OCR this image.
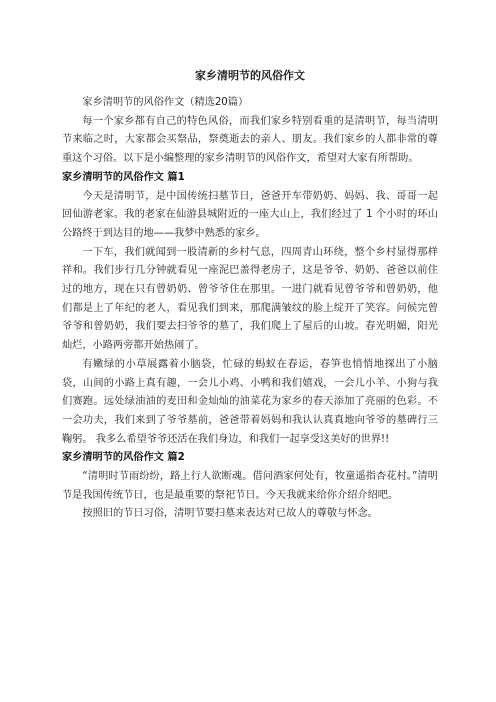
家乡清明节的风俗作文

家乡清明节的风俗作文（精选20篇）

每一个家乡都有自己的特色风俗，而我们家乡特别看重的是清明节，每当清明节来临之时，大家都会买祭品，祭奠逝去的亲人、朋友。我们家乡的人都非常的尊重这个习俗。以下是小编整理的家乡清明节的风俗作文，希望对大家有所帮助。

家乡清明节的风俗作文 篇1

今天是清明节，是中国传统扫墓节日，爸爸开车带奶奶、妈妈、我、哥哥一起回仙游老家。我的老家在仙游县城附近的一座大山上，我们经过了 1 个小时的环山公路终于到达目的地——我梦中熟悉的家乡。

一下车，我们就闻到一股清新的乡村气息，四周青山环绕，整个乡村显得那样祥和。我们步行几分钟就看见一座泥巴盖得老房子，这是爷爷、奶奶、爸爸以前住过的地方，现在只有曾奶奶、曾爷爷住在那里。一进门就看见曾爷爷和曾奶奶，他们都是上了年纪的老人，看见我们到来，那爬满皱纹的脸上绽开了笑容。问候完曾爷爷和曾奶奶，我们要去扫爷爷的墓了，我们爬上了屋后的山坡。春光明媚，阳光灿烂，小路两旁都开始热闹了。

有嫩绿的小草展露着小脑袋，忙碌的蚂蚁在春运，春笋也悄悄地探出了小脑袋，山间的小路上真有趣，一会儿小鸡、小鸭和我们嬉戏，一会儿小羊、小狗与我们赛跑。远处绿油油的麦田和金灿灿的油菜花为家乡的春天添加了亮丽的色彩。不一会功夫，我们来到了爷爷墓前，爸爸带着妈妈和我认认真真地向爷爷的墓碑行三鞠躬。 我多么希望爷爷还活在我们身边，和我们一起享受这美好的世界!!

家乡清明节的风俗作文 篇2

“清明时节雨纷纷，路上行人欲断魂。借问酒家何处有，牧童遥指杏花村。”清明节是我国传统节日，也是最重要的祭祀节日。今天我就来给你介绍介绍吧。

按照旧的节日习俗，清明节要扫墓来表达对已故人的尊敬与怀念。
